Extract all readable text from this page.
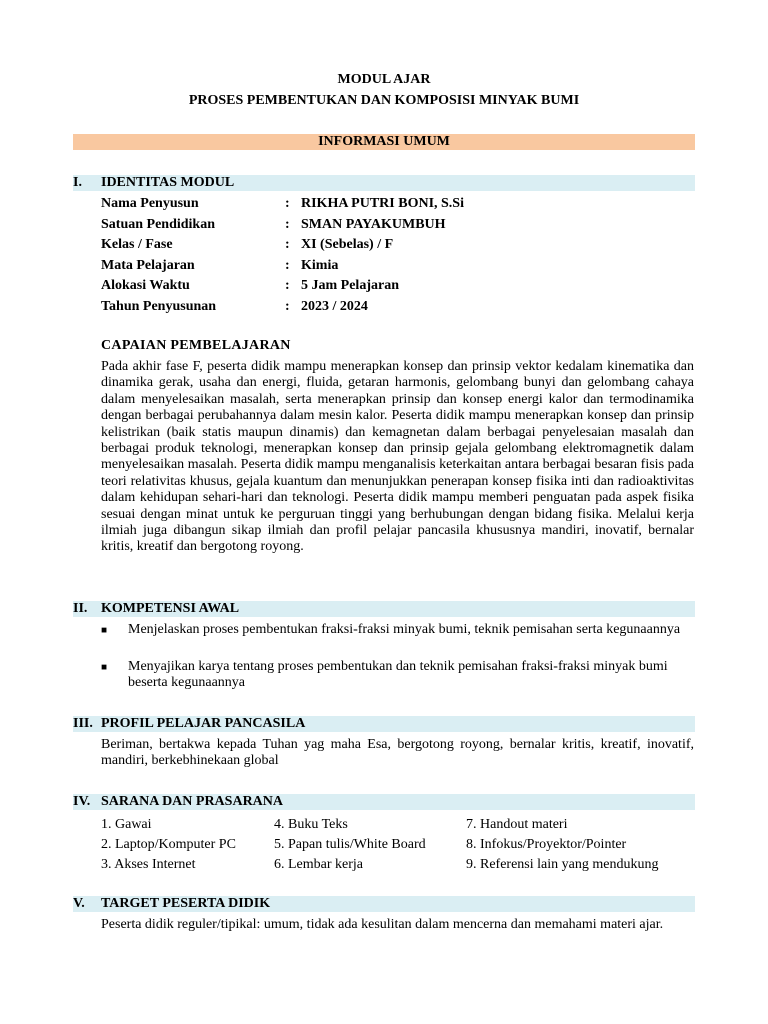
MODUL AJAR
PROSES PEMBENTUKAN DAN KOMPOSISI MINYAK BUMI
INFORMASI UMUM
I. IDENTITAS MODUL
Nama Penyusun	: RIKHA PUTRI BONI, S.Si
Satuan Pendidikan	: SMAN PAYAKUMBUH
Kelas / Fase	: XI (Sebelas) / F
Mata Pelajaran	: Kimia
Alokasi Waktu	: 5 Jam Pelajaran
Tahun Penyusunan	: 2023 / 2024
CAPAIAN PEMBELAJARAN
Pada akhir fase F, peserta didik mampu menerapkan konsep dan prinsip vektor kedalam kinematika dan dinamika gerak, usaha dan energi, fluida, getaran harmonis, gelombang bunyi dan gelombang cahaya dalam menyelesaikan masalah, serta menerapkan prinsip dan konsep energi kalor dan termodinamika dengan berbagai perubahannya dalam mesin kalor. Peserta didik mampu menerapkan konsep dan prinsip kelistrikan (baik statis maupun dinamis) dan kemagnetan dalam berbagai penyelesaian masalah dan berbagai produk teknologi, menerapkan konsep dan prinsip gejala gelombang elektromagnetik dalam menyelesaikan masalah. Peserta didik mampu menganalisis keterkaitan antara berbagai besaran fisis pada teori relativitas khusus, gejala kuantum dan menunjukkan penerapan konsep fisika inti dan radioaktivitas dalam kehidupan sehari-hari dan teknologi. Peserta didik mampu memberi penguatan pada aspek fisika sesuai dengan minat untuk ke perguruan tinggi yang berhubungan dengan bidang fisika. Melalui kerja ilmiah juga dibangun sikap ilmiah dan profil pelajar pancasila khususnya mandiri, inovatif, bernalar kritis, kreatif dan bergotong royong.
II. KOMPETENSI AWAL
■ Menjelaskan proses pembentukan fraksi-fraksi minyak bumi, teknik pemisahan serta kegunaannya
■ Menyajikan karya tentang proses pembentukan dan teknik pemisahan fraksi-fraksi minyak bumi beserta kegunaannya
III. PROFIL PELAJAR PANCASILA
Beriman, bertakwa kepada Tuhan yag maha Esa, bergotong royong, bernalar kritis, kreatif, inovatif, mandiri, berkebhinekaan global
IV. SARANA DAN PRASARANA
1. Gawai	4. Buku Teks	7. Handout materi
2. Laptop/Komputer PC	5. Papan tulis/White Board	8. Infokus/Proyektor/Pointer
3. Akses Internet	6. Lembar kerja	9. Referensi lain yang mendukung
V. TARGET PESERTA DIDIK
Peserta didik reguler/tipikal: umum, tidak ada kesulitan dalam mencerna dan memahami materi ajar.
